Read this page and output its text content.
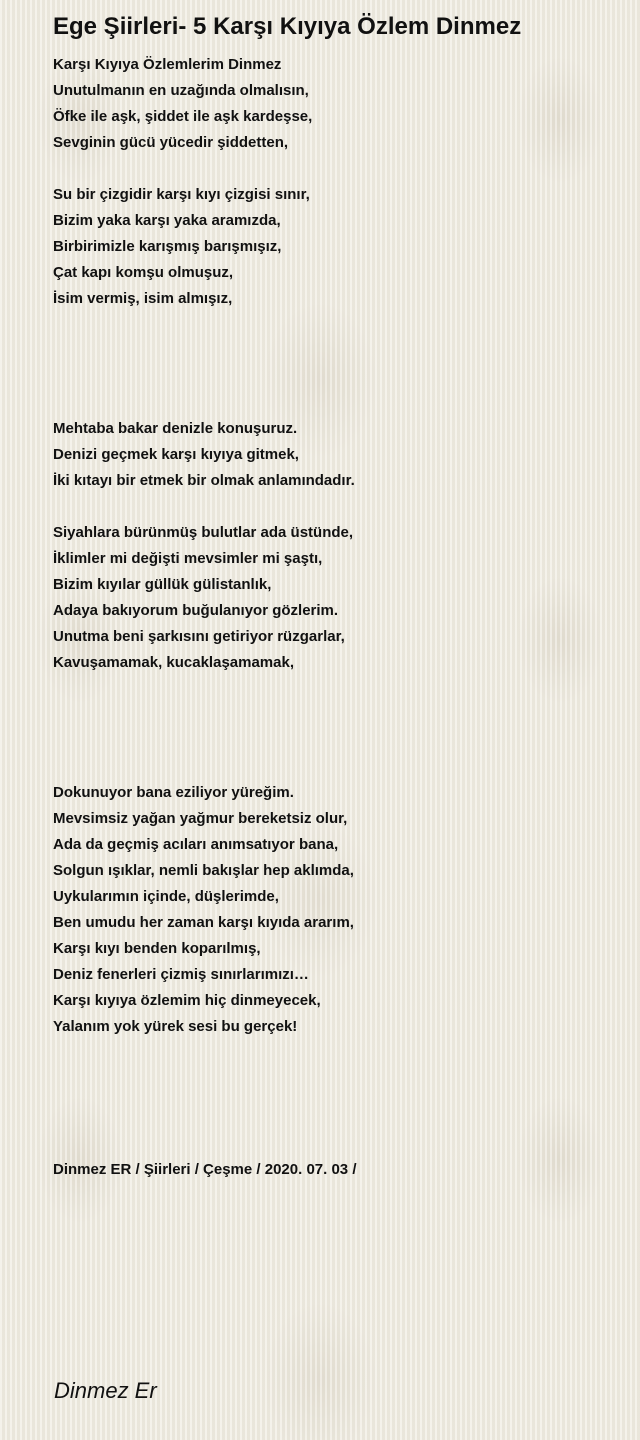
Ege Şiirleri- 5 Karşı Kıyıya Özlem Dinmez
Karşı Kıyıya Özlemlerim Dinmez
Unutulmanın en uzağında olmalısın,
Öfke ile aşk, şiddet ile aşk kardeşse,
Sevginin gücü yücedir şiddetten,
Su bir çizgidir karşı kıyı çizgisi sınır,
Bizim yaka karşı yaka aramızda,
Birbirimizle karışmış barışmışız,
Çat kapı komşu olmuşuz,
İsim vermiş, isim almışız,
Mehtaba bakar denizle konuşuruz.
Denizi geçmek karşı kıyıya gitmek,
İki kıtayı bir etmek bir olmak anlamındadır.
Siyahlara bürünmüş bulutlar ada üstünde,
İklimler mi değişti mevsimler mi şaştı,
Bizim kıyılar güllük gülistanlık,
Adaya bakıyorum buğulanıyor gözlerim.
Unutma beni şarkısını getiriyor rüzgarlar,
Kavuşamamak, kucaklaşamamak,
Dokunuyor bana eziliyor yüreğim.
Mevsimsiz yağan yağmur bereketsiz olur,
Ada da geçmiş acıları anımsatıyor bana,
Solgun ışıklar, nemli bakışlar hep aklımda,
Uykularımın içinde, düşlerimde,
Ben umudu her zaman karşı kıyıda ararım,
Karşı kıyı benden koparılmış,
Deniz fenerleri çizmiş sınırlarımızı…
Karşı kıyıya özlemim hiç dinmeyecek,
Yalanım yok yürek sesi bu gerçek!
Dinmez ER / Şiirleri / Çeşme / 2020. 07. 03 /
Dinmez Er
